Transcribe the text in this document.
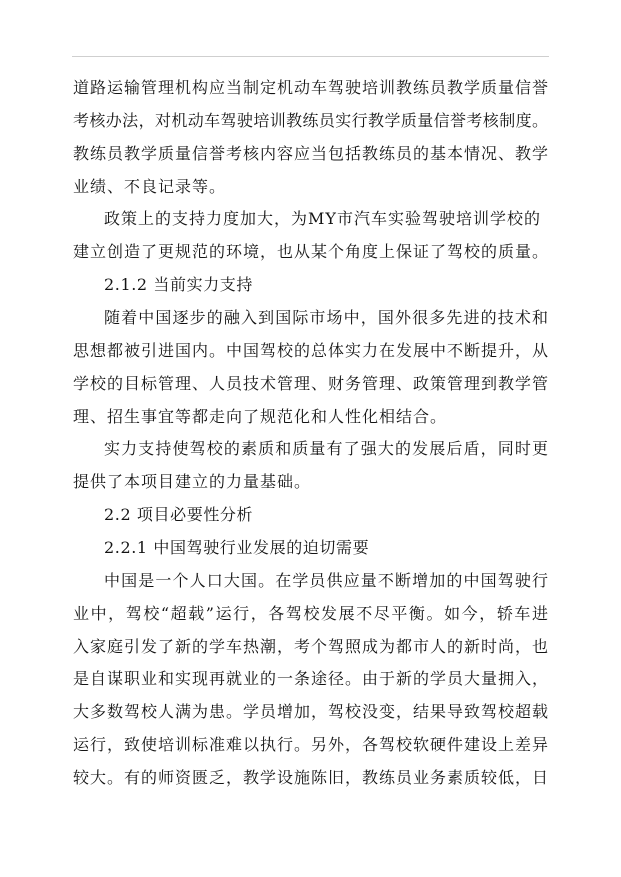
道路运输管理机构应当制定机动车驾驶培训教练员教学质量信誉
考核办法，对机动车驾驶培训教练员实行教学质量信誉考核制度。
教练员教学质量信誉考核内容应当包括教练员的基本情况、教学
业绩、不良记录等。
政策上的支持力度加大，为MY市汽车实验驾驶培训学校的
建立创造了更规范的环境，也从某个角度上保证了驾校的质量。
2.1.2 当前实力支持
随着中国逐步的融入到国际市场中，国外很多先进的技术和
思想都被引进国内。中国驾校的总体实力在发展中不断提升，从
学校的目标管理、人员技术管理、财务管理、政策管理到教学管
理、招生事宜等都走向了规范化和人性化相结合。
实力支持使驾校的素质和质量有了强大的发展后盾，同时更
提供了本项目建立的力量基础。
2.2 项目必要性分析
2.2.1 中国驾驶行业发展的迫切需要
中国是一个人口大国。在学员供应量不断增加的中国驾驶行
业中，驾校“超载”运行，各驾校发展不尽平衡。如今，轿车进
入家庭引发了新的学车热潮，考个驾照成为都市人的新时尚，也
是自谋职业和实现再就业的一条途径。由于新的学员大量拥入，
大多数驾校人满为患。学员增加，驾校没变，结果导致驾校超载
运行，致使培训标准难以执行。另外，各驾校软硬件建设上差异
较大。有的师资匮乏，教学设施陈旧，教练员业务素质较低，日
